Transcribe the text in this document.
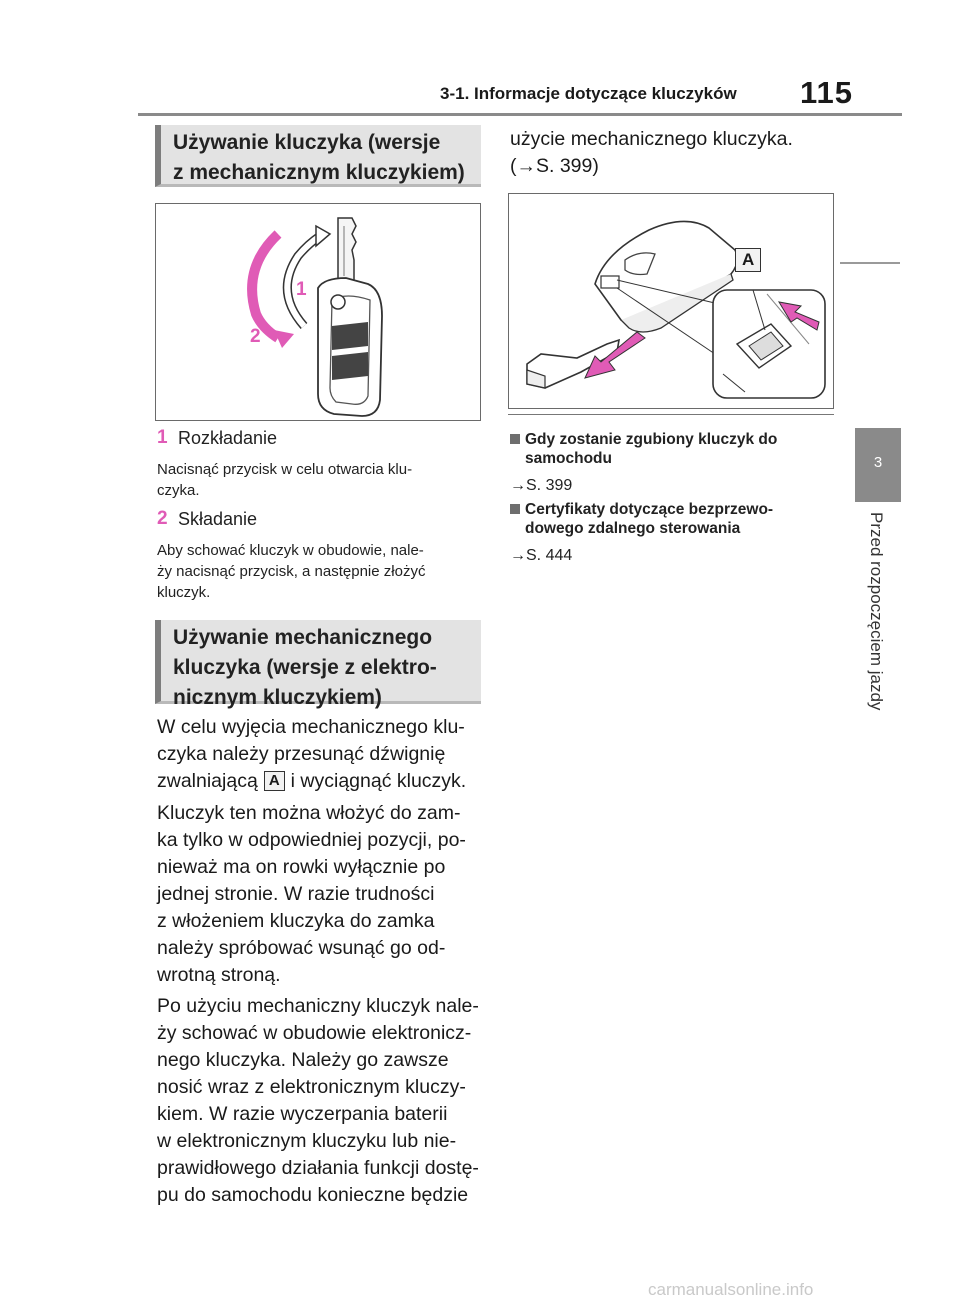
3-1. Informacje dotyczące kluczyków 115
3
Przed rozpoczęciem jazdy
Używanie kluczyka (wersje
z mechanicznym kluczykiem)
1
2
1 Rozkładanie
Nacisnąć przycisk w celu otwarcia klu-
czyka.
2 Składanie
Aby schować kluczyk w obudowie, nale-
ży nacisnąć przycisk, a następnie złożyć
kluczyk.
Używanie mechanicznego
kluczyka (wersje z elektro-
nicznym kluczykiem)
W celu wyjęcia mechanicznego klu-
czyka należy przesunąć dźwignię
zwalniającą A i wyciągnąć kluczyk.
Kluczyk ten można włożyć do zam-
ka tylko w odpowiedniej pozycji, po-
nieważ ma on rowki wyłącznie po
jednej stronie. W razie trudności
z włożeniem kluczyka do zamka
należy spróbować wsunąć go od-
wrotną stroną.
Po użyciu mechaniczny kluczyk nale-
ży schować w obudowie elektronicz-
nego kluczyka. Należy go zawsze
nosić wraz z elektronicznym kluczy-
kiem. W razie wyczerpania baterii
w elektronicznym kluczyku lub nie-
prawidłowego działania funkcji dostę-
pu do samochodu konieczne będzie
użycie mechanicznego kluczyka.
(→S. 399)
A
Gdy zostanie zgubiony kluczyk do
samochodu
→S. 399
Certyfikaty dotyczące bezprzewo-
dowego zdalnego sterowania
→S. 444
carmanualsonline.info
